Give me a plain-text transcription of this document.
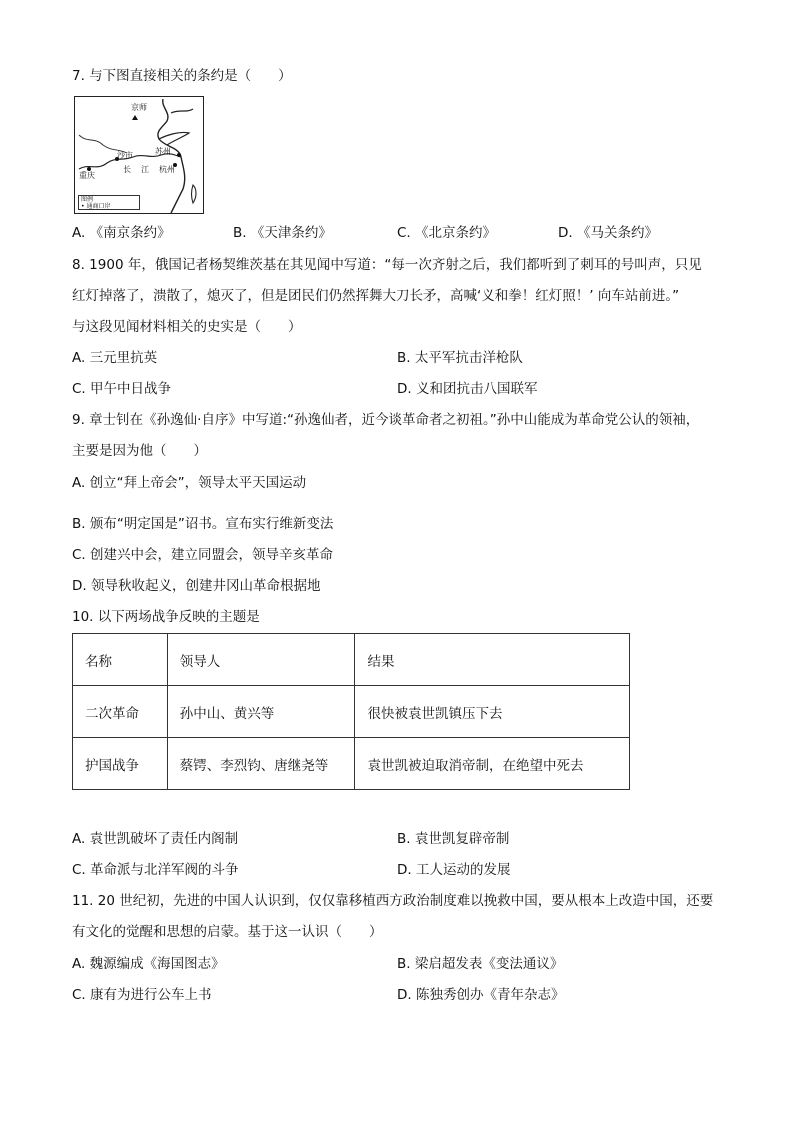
7. 与下图直接相关的条约是（　　）
京师
苏州
沙市
长 江 杭州
重庆
图例
• 通商口岸
A. 《南京条约》	B. 《天津条约》	C. 《北京条约》	D. 《马关条约》
8. 1900 年，俄国记者杨契维茨基在其见闻中写道：“每一次齐射之后，我们都听到了刺耳的号叫声，只见
红灯掉落了，溃散了，熄灭了，但是团民们仍然挥舞大刀长矛，高喊‘义和拳！红灯照！’ 向车站前进。”
与这段见闻材料相关的史实是（　　）
A. 三元里抗英	B. 太平军抗击洋枪队
C. 甲午中日战争	D. 义和团抗击八国联军
9. 章士钊在《孙逸仙·自序》中写道:“孙逸仙者，近今谈革命者之初祖。”孙中山能成为革命党公认的领袖，
主要是因为他（　　）
A. 创立“拜上帝会”，领导太平天国运动
B. 颁布“明定国是”诏书。宣布实行维新变法
C. 创建兴中会，建立同盟会，领导辛亥革命
D. 领导秋收起义，创建井冈山革命根据地
10. 以下两场战争反映的主题是
名称	领导人	结果
二次革命	孙中山、黄兴等	很快被袁世凯镇压下去
护国战争	蔡锷、李烈钧、唐继尧等	袁世凯被迫取消帝制，在绝望中死去
A. 袁世凯破坏了责任内阁制	B. 袁世凯复辟帝制
C. 革命派与北洋军阀的斗争	D. 工人运动的发展
11. 20 世纪初，先进的中国人认识到，仅仅靠移植西方政治制度难以挽救中国，要从根本上改造中国，还要
有文化的觉醒和思想的启蒙。基于这一认识（　　）
A. 魏源编成《海国图志》	B. 梁启超发表《变法通议》
C. 康有为进行公车上书	D. 陈独秀创办《青年杂志》
